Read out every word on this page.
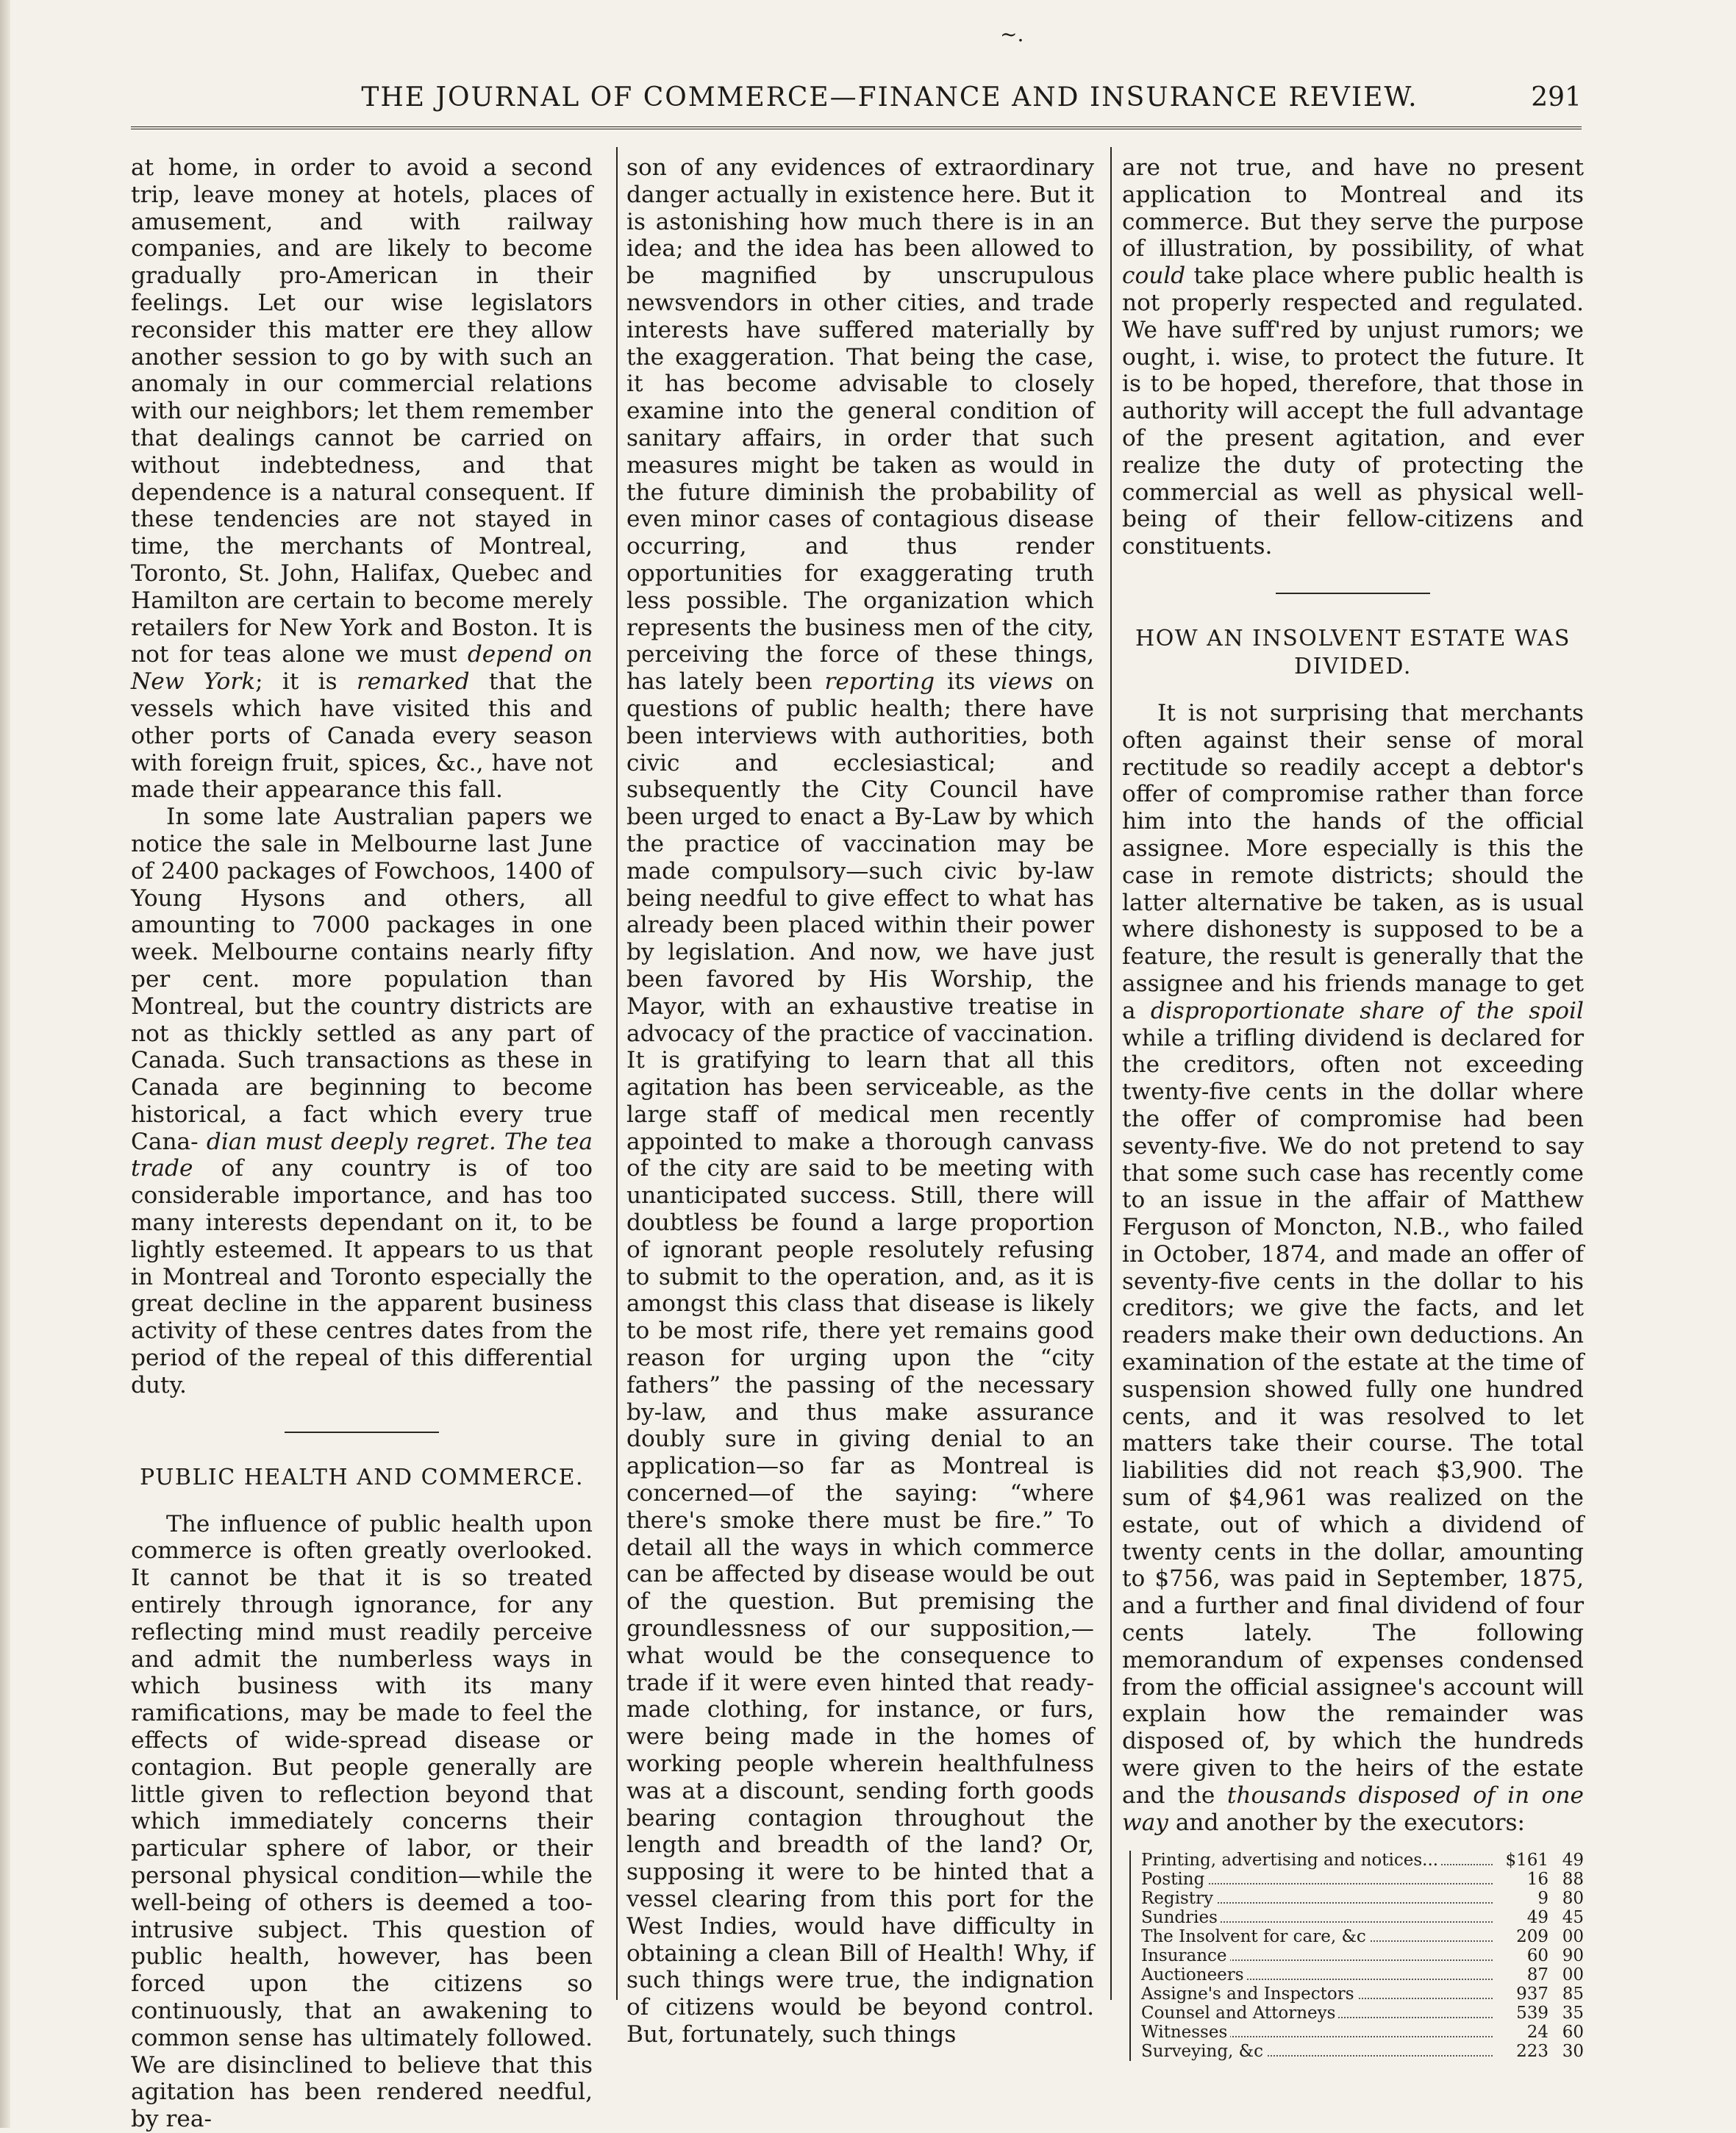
~.
THE JOURNAL OF COMMERCE—FINANCE AND INSURANCE REVIEW.	291

at home, in order to avoid a second trip, leave money at hotels, places of amusement, and with railway companies, and are likely to become gradually pro-American in their feelings. Let our wise legislators reconsider this matter ere they allow another session to go by with such an anomaly in our commercial relations with our neighbors; let them remember that dealings cannot be carried on without indebtedness, and that dependence is a natural consequent. If these tendencies are not stayed in time, the merchants of Montreal, Toronto, St. John, Halifax, Quebec and Hamilton are certain to become merely retailers for New York and Boston. It is not for teas alone we must depend on New York; it is remarked that the vessels which have visited this and other ports of Canada every season with foreign fruit, spices, &c., have not made their appearance this fall.

In some late Australian papers we notice the sale in Melbourne last June of 2400 packages of Fowchoos, 1400 of Young Hysons and others, all amounting to 7000 packages in one week. Melbourne contains nearly fifty per cent. more population than Montreal, but the country districts are not as thickly settled as any part of Canada. Such transactions as these in Canada are beginning to become historical, a fact which every true Cana- dian must deeply regret. The tea trade of any country is of too considerable importance, and has too many interests dependant on it, to be lightly esteemed. It appears to us that in Montreal and Toronto especially the great decline in the apparent business activity of these centres dates from the period of the repeal of this differential duty.

PUBLIC HEALTH AND COMMERCE.

The influence of public health upon commerce is often greatly overlooked. It cannot be that it is so treated entirely through ignorance, for any reflecting mind must readily perceive and admit the numberless ways in which business with its many ramifications, may be made to feel the effects of wide-spread disease or contagion. But people generally are little given to reflection beyond that which immediately concerns their particular sphere of labor, or their personal physical condition—while the well-being of others is deemed a too-intrusive subject. This question of public health, however, has been forced upon the citizens so continuously, that an awakening to common sense has ultimately followed. We are disinclined to believe that this agitation has been rendered needful, by rea-

son of any evidences of extraordinary danger actually in existence here. But it is astonishing how much there is in an idea; and the idea has been allowed to be magnified by unscrupulous newsvendors in other cities, and trade interests have suffered materially by the exaggeration. That being the case, it has become advisable to closely examine into the general condition of sanitary affairs, in order that such measures might be taken as would in the future diminish the probability of even minor cases of contagious disease occurring, and thus render opportunities for exaggerating truth less possible. The organization which represents the business men of the city, perceiving the force of these things, has lately been reporting its views on questions of public health; there have been interviews with authorities, both civic and ecclesiastical; and subsequently the City Council have been urged to enact a By-Law by which the practice of vaccination may be made compulsory—such civic by-law being needful to give effect to what has already been placed within their power by legislation. And now, we have just been favored by His Worship, the Mayor, with an exhaustive treatise in advocacy of the practice of vaccination. It is gratifying to learn that all this agitation has been serviceable, as the large staff of medical men recently appointed to make a thorough canvass of the city are said to be meeting with unanticipated success. Still, there will doubtless be found a large proportion of ignorant people resolutely refusing to submit to the operation, and, as it is amongst this class that disease is likely to be most rife, there yet remains good reason for urging upon the “city fathers” the passing of the necessary by-law, and thus make assurance doubly sure in giving denial to an application—so far as Montreal is concerned—of the saying: “where there's smoke there must be fire.” To detail all the ways in which commerce can be affected by disease would be out of the question. But premising the groundlessness of our supposition,—what would be the consequence to trade if it were even hinted that ready-made clothing, for instance, or furs, were being made in the homes of working people wherein healthfulness was at a discount, sending forth goods bearing contagion throughout the length and breadth of the land? Or, supposing it were to be hinted that a vessel clearing from this port for the West Indies, would have difficulty in obtaining a clean Bill of Health! Why, if such things were true, the indignation of citizens would be beyond control. But, fortunately, such things

are not true, and have no present application to Montreal and its commerce. But they serve the purpose of illustration, by possibility, of what could take place where public health is not properly respected and regulated. We have suff'red by unjust rumors; we ought, i. wise, to protect the future. It is to be hoped, therefore, that those in authority will accept the full advantage of the present agitation, and ever realize the duty of protecting the commercial as well as physical well-being of their fellow-citizens and constituents.

HOW AN INSOLVENT ESTATE WAS DIVIDED.

It is not surprising that merchants often against their sense of moral rectitude so readily accept a debtor's offer of compromise rather than force him into the hands of the official assignee. More especially is this the case in remote districts; should the latter alternative be taken, as is usual where dishonesty is supposed to be a feature, the result is generally that the assignee and his friends manage to get a disproportionate share of the spoil while a trifling dividend is declared for the creditors, often not exceeding twenty-five cents in the dollar where the offer of compromise had been seventy-five. We do not pretend to say that some such case has recently come to an issue in the affair of Matthew Ferguson of Moncton, N.B., who failed in October, 1874, and made an offer of seventy-five cents in the dollar to his creditors; we give the facts, and let readers make their own deductions. An examination of the estate at the time of suspension showed fully one hundred cents, and it was resolved to let matters take their course. The total liabilities did not reach $3,900. The sum of $4,961 was realized on the estate, out of which a dividend of twenty cents in the dollar, amounting to $756, was paid in September, 1875, and a further and final dividend of four cents lately. The following memorandum of expenses condensed from the official assignee's account will explain how the remainder was disposed of, by which the hundreds were given to the heirs of the estate and the thousands disposed of in one way and another by the executors:

Printing, advertising and notices...	$161	49

Posting	16	88

Registry	9	80

Sundries	49	45

The Insolvent for care, &c	209	00

Insurance	60	90

Auctioneers	87	00

Assigne's and Inspectors	937	85

Counsel and Attorneys	539	35

Witnesses	24	60

Surveying, &c	223	30
